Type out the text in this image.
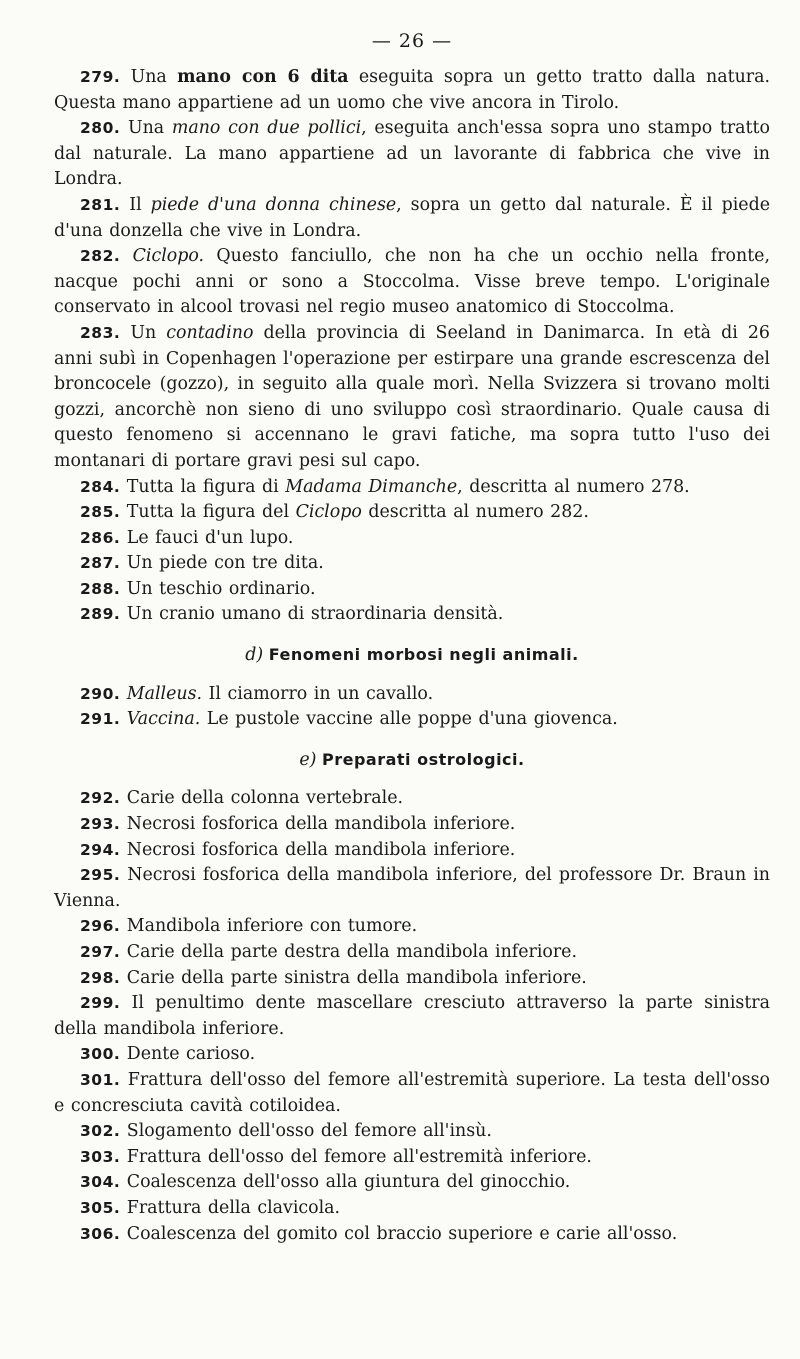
— 26 —

279. Una mano con 6 dita eseguita sopra un getto tratto dalla natura. Questa mano appartiene ad un uomo che vive ancora in Tirolo.

280. Una mano con due pollici, eseguita anch'essa sopra uno stampo tratto dal naturale. La mano appartiene ad un lavorante di fabbrica che vive in Londra.

281. Il piede d'una donna chinese, sopra un getto dal naturale. È il piede d'una donzella che vive in Londra.

282. Ciclopo. Questo fanciullo, che non ha che un occhio nella fronte, nacque pochi anni or sono a Stoccolma. Visse breve tempo. L'originale conservato in alcool trovasi nel regio museo anatomico di Stoccolma.

283. Un contadino della provincia di Seeland in Danimarca. In età di 26 anni subì in Copenhagen l'operazione per estirpare una grande escrescenza del broncocele (gozzo), in seguito alla quale morì. Nella Svizzera si trovano molti gozzi, ancorchè non sieno di uno sviluppo così straordinario. Quale causa di questo fenomeno si accennano le gravi fatiche, ma sopra tutto l'uso dei montanari di portare gravi pesi sul capo.

284. Tutta la figura di Madama Dimanche, descritta al numero 278.

285. Tutta la figura del Ciclopo descritta al numero 282.

286. Le fauci d'un lupo.

287. Un piede con tre dita.

288. Un teschio ordinario.

289. Un cranio umano di straordinaria densità.

d) Fenomeni morbosi negli animali.

290. Malleus. Il ciamorro in un cavallo.

291. Vaccina. Le pustole vaccine alle poppe d'una giovenca.

e) Preparati ostrologici.

292. Carie della colonna vertebrale.

293. Necrosi fosforica della mandibola inferiore.

294. Necrosi fosforica della mandibola inferiore.

295. Necrosi fosforica della mandibola inferiore, del professore Dr. Braun in Vienna.

296. Mandibola inferiore con tumore.

297. Carie della parte destra della mandibola inferiore.

298. Carie della parte sinistra della mandibola inferiore.

299. Il penultimo dente mascellare cresciuto attraverso la parte sinistra della mandibola inferiore.

300. Dente carioso.

301. Frattura dell'osso del femore all'estremità superiore. La testa dell'osso e concresciuta cavità cotiloidea.

302. Slogamento dell'osso del femore all'insù.

303. Frattura dell'osso del femore all'estremità inferiore.

304. Coalescenza dell'osso alla giuntura del ginocchio.

305. Frattura della clavicola.

306. Coalescenza del gomito col braccio superiore e carie all'osso.
